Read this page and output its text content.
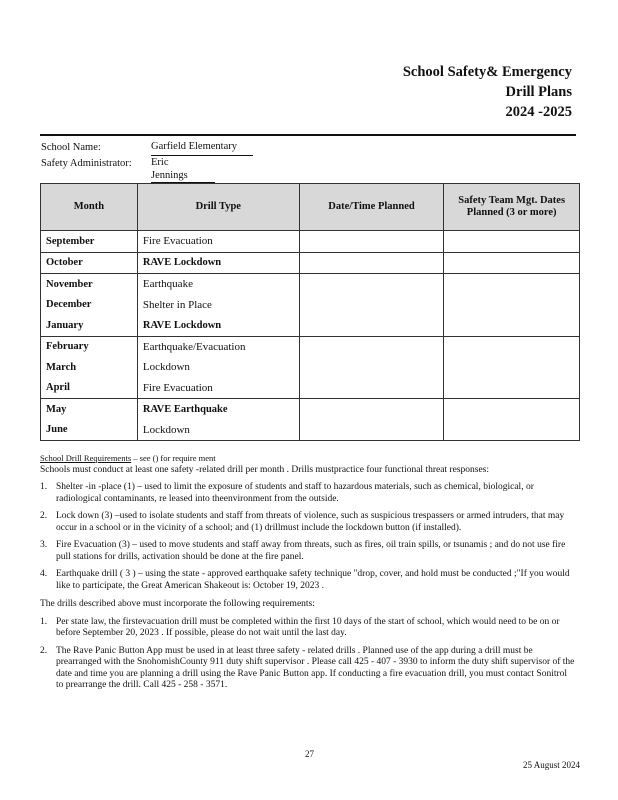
School Safety& Emergency
Drill Plans
2024 -2025
School Name:	Garfield Elementary
Safety Administrator:	Eric Jennings
Month	Drill Type	Date/Time Planned	Safety Team Mgt. Dates Planned (3 or more)
September	Fire Evacuation		
October	RAVE Lockdown		
November	Earthquake		
December	Shelter in Place		
January	RAVE Lockdown		
February	Earthquake/Evacuation		
March	Lockdown		
April	Fire Evacuation		
May	RAVE Earthquake		
June	Lockdown		

School Drill Requirements – see () for require ment

Schools must conduct at least one safety -related drill per month . Drills mustpractice four functional threat responses:

1. Shelter -in -place (1) – used to limit the exposure of students and staff to hazardous materials, such as chemical, biological, or radiological contaminants, re leased into theenvironment from the outside.
2. Lock down (3) –used to isolate students and staff from threats of violence, such as suspicious trespassers or armed intruders, that may occur in a school or in the vicinity of a school; and (1) drillmust include the lockdown button (if installed).
3. Fire Evacuation (3) – used to move students and staff away from threats, such as fires, oil train spills, or tsunamis ; and do not use fire pull stations for drills, activation should be done at the fire panel.
4. Earthquake drill ( 3 ) – using the state - approved earthquake safety technique "drop, cover, and hold must be conducted ;"If you would like to participate, the Great American Shakeout is: October 19, 2023 .

The drills described above must incorporate the following requirements:

1. Per state law, the firstevacuation drill must be completed within the first 10 days of the start of school, which would need to be on or before September 20, 2023 . If possible, please do not wait until the last day.
2. The Rave Panic Button App must be used in at least three safety - related drills . Planned use of the app during a drill must be prearranged with the SnohomishCounty 911 duty shift supervisor . Please call 425 - 407 - 3930 to inform the duty shift supervisor of the date and time you are planning a drill using the Rave Panic Button app. If conducting a fire evacuation drill, you must contact Sonitrol to prearrange the drill. Call 425 - 258 - 3571.
27
25 August 2024
